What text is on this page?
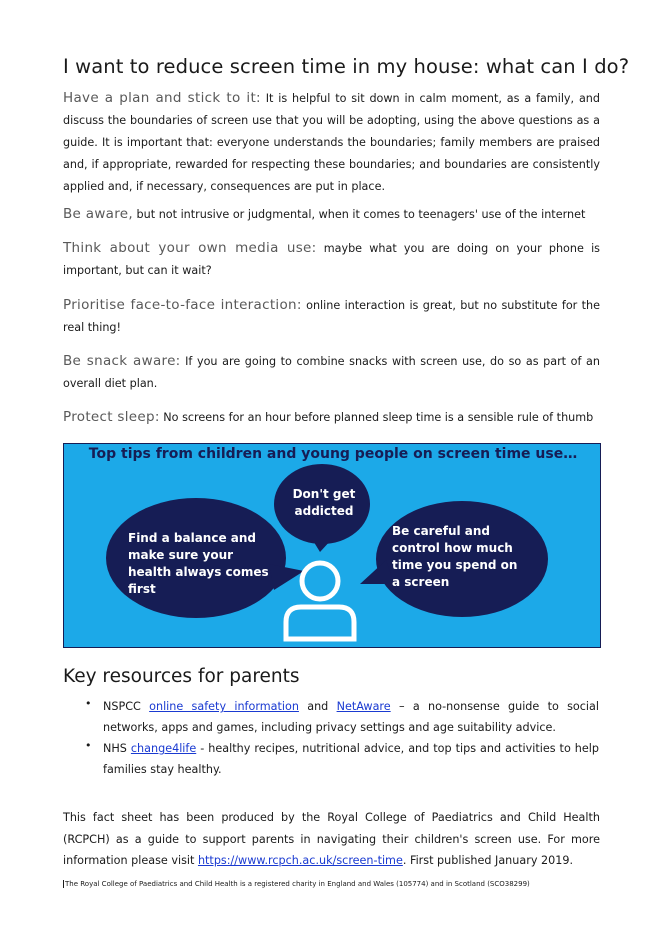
I want to reduce screen time in my house: what can I do?

Have a plan and stick to it: It is helpful to sit down in calm moment, as a family, and discuss the boundaries of screen use that you will be adopting, using the above questions as a guide. It is important that: everyone understands the boundaries; family members are praised and, if appropriate, rewarded for respecting these boundaries; and boundaries are consistently applied and, if necessary, consequences are put in place.

Be aware, but not intrusive or judgmental, when it comes to teenagers' use of the internet

Think about your own media use: maybe what you are doing on your phone is important, but can it wait?

Prioritise face-to-face interaction: online interaction is great, but no substitute for the real thing!

Be snack aware: If you are going to combine snacks with screen use, do so as part of an overall diet plan.

Protect sleep: No screens for an hour before planned sleep time is a sensible rule of thumb

Top tips from children and young people on screen time use…
Don't get addicted
Find a balance and make sure your health always comes first
Be careful and control how much time you spend on a screen
Key resources for parents
• NSPCC online safety information and NetAware – a no-nonsense guide to social networks, apps and games, including privacy settings and age suitability advice.

• NHS change4life - healthy recipes, nutritional advice, and top tips and activities to help families stay healthy.

This fact sheet has been produced by the Royal College of Paediatrics and Child Health (RCPCH) as a guide to support parents in navigating their children's screen use. For more information please visit https://www.rcpch.ac.uk/screen-time. First published January 2019.

The Royal College of Paediatrics and Child Health is a registered charity in England and Wales (105774) and in Scotland (SCO38299)
